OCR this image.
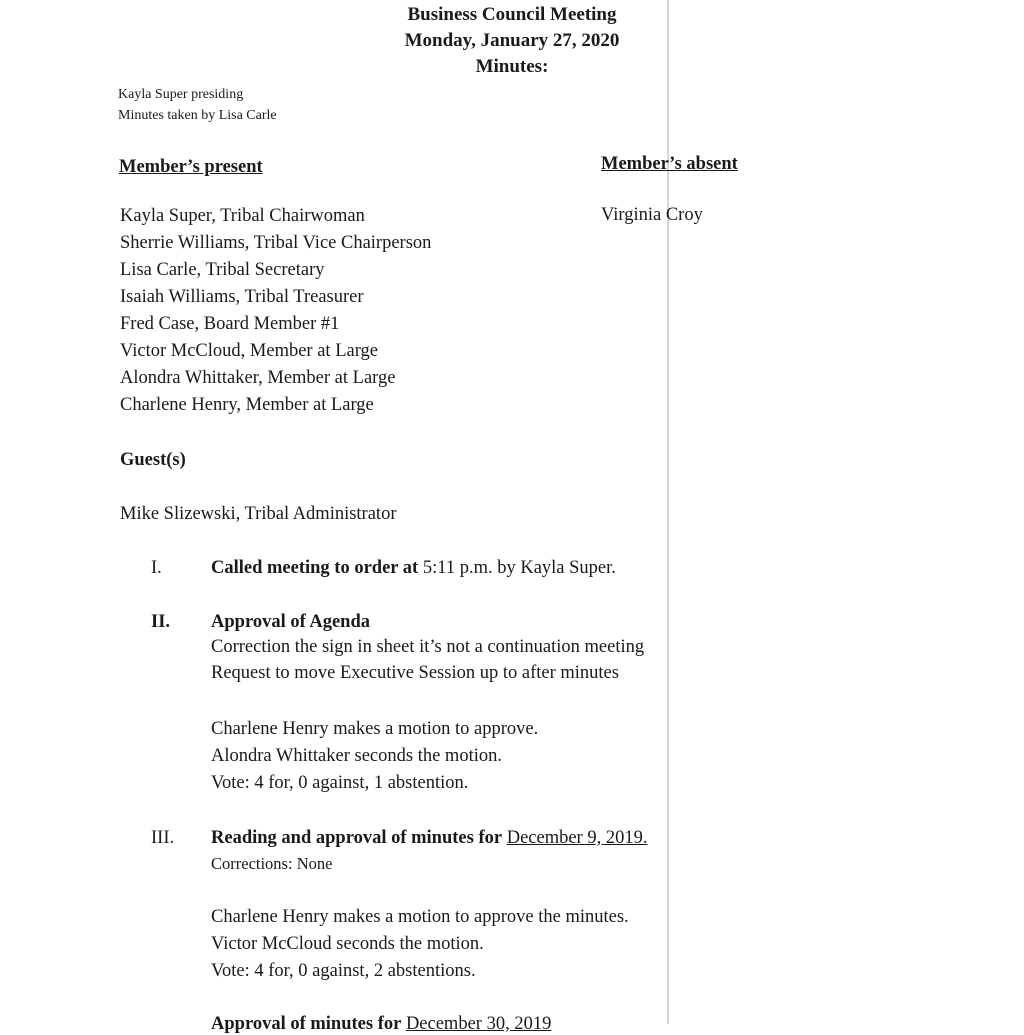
Business Council Meeting
Monday, January 27, 2020
Minutes:
Kayla Super presiding
Minutes taken by Lisa Carle
Member’s present	Member’s absent
Kayla Super, Tribal Chairwoman
Sherrie Williams, Tribal Vice Chairperson
Lisa Carle, Tribal Secretary
Isaiah Williams, Tribal Treasurer
Fred Case, Board Member #1
Victor McCloud, Member at Large
Alondra Whittaker, Member at Large
Charlene Henry, Member at Large
Virginia Croy
Guest(s)
Mike Slizewski, Tribal Administrator
I.	Called meeting to order at 5:11 p.m. by Kayla Super.
II. Approval of Agenda
Correction the sign in sheet it’s not a continuation meeting
Request to move Executive Session up to after minutes
Charlene Henry makes a motion to approve.
Alondra Whittaker seconds the motion.
Vote: 4 for, 0 against, 1 abstention.
III. Reading and approval of minutes for December 9, 2019.
Corrections: None
Charlene Henry makes a motion to approve the minutes.
Victor McCloud seconds the motion.
Vote: 4 for, 0 against, 2 abstentions.
Approval of minutes for December 30, 2019
